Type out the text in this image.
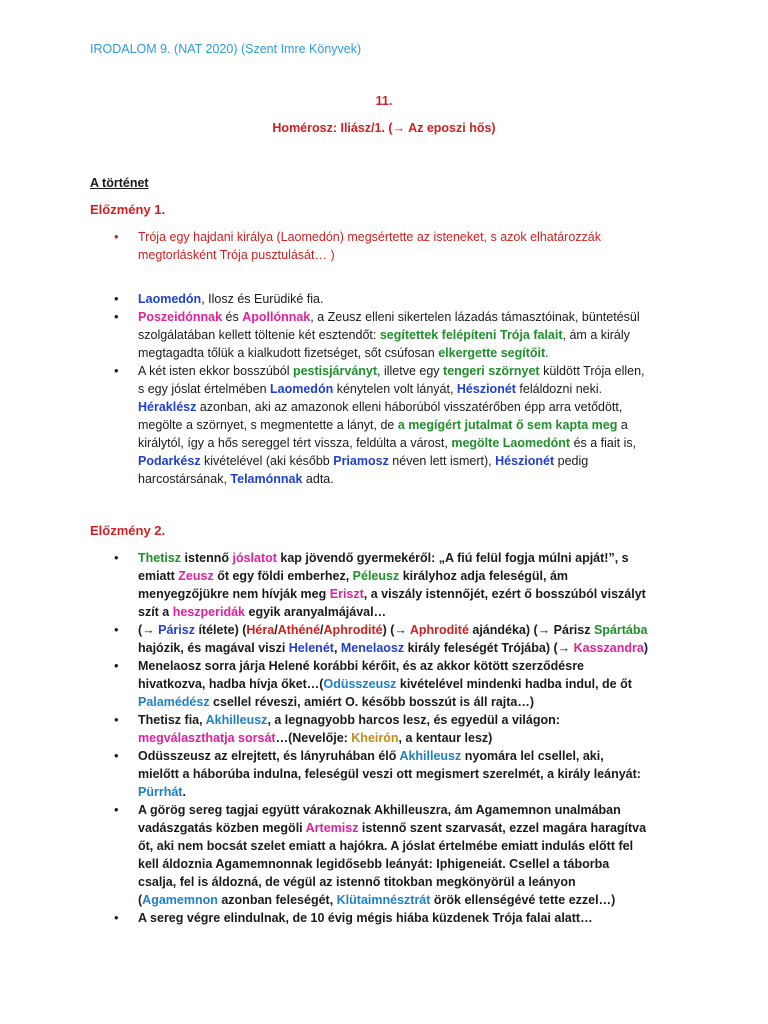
IRODALOM 9. (NAT 2020) (Szent Imre Könyvek)
11.
Homérosz: Iliász/1. (→ Az eposzi hős)
A történet
Előzmény 1.
• Trója egy hajdani királya (Laomedón) megsértette az isteneket, s azok elhatározzák megtorlásként Trója pusztulását… )
• Laomedón, Ilosz és Eurüdiké fia.
• Poszeidónnak és Apollónnak, a Zeusz elleni sikertelen lázadás támasztóinak, büntetésül szolgálatában kellett töltenie két esztendőt: segítettek felépíteni Trója falait, ám a király megtagadta tőlük a kialkudott fizetséget, sőt csúfosan elkergette segítőit.
• A két isten ekkor bosszúból pestisjárványt, illetve egy tengeri szörnyet küldött Trója ellen, s egy jóslat értelmében Laomedón kénytelen volt lányát, Hészionét feláldozni neki. Héraklész azonban, aki az amazonok elleni háborúból visszatérőben épp arra vetődött, megölte a szörnyet, s megmentette a lányt, de a megígért jutalmat ő sem kapta meg a királytól, így a hős sereggel tért vissza, feldúlta a várost, megölte Laomedónt és a fiait is, Podarkész kivételével (aki később Priamosz néven lett ismert), Hészionét pedig harcostársának, Telamónnak adta.
Előzmény 2.
• Thetisz istennő jóslatot kap jövendő gyermekéről: „A fiú felül fogja múlni apját!”, s emiatt Zeusz őt egy földi emberhez, Péleusz királyhoz adja feleségül, ám menyegzőjükre nem hívják meg Eriszt, a viszály istennőjét, ezért ő bosszúból viszályt szít a heszperidák egyik aranyalmájával…
• (→ Párisz ítélete) (Héra/Athéné/Aphrodité) (→ Aphrodité ajándéka) (→ Párisz Spártába hajózik, és magával viszi Helenét, Menelaosz király feleségét Trójába) (→ Kasszandra)
• Menelaosz sorra járja Helené korábbi kérőit, és az akkor kötött szerződésre hivatkozva, hadba hívja őket…(Odüsszeusz kivételével mindenki hadba indul, de őt Palamédész csellel réveszi, amiért O. később bosszút is áll rajta…)
• Thetisz fia, Akhilleusz, a legnagyobb harcos lesz, és egyedül a világon: megválaszthatja sorsát…(Nevelője: Kheirón, a kentaur lesz)
• Odüsszeusz az elrejtett, és lányruhában élő Akhilleusz nyomára lel csellel, aki, mielőtt a háborúba indulna, feleségül veszi ott megismert szerelmét, a király leányát: Pürrhát.
• A görög sereg tagjai együtt várakoznak Akhilleuszra, ám Agamemnon unalmában vadászgatás közben megöli Artemisz istennő szent szarvasát, ezzel magára haragítva őt, aki nem bocsát szelet emiatt a hajókra. A jóslat értelmébe emiatt indulás előtt fel kell áldoznia Agamemnonnak legidősebb leányát: Iphigeneiát. Csellel a táborba csalja, fel is áldozná, de végül az istennő titokban megkönyörül a leányon (Agamemnon azonban feleségét, Klütaimnésztrát örök ellenségévé tette ezzel…)
• A sereg végre elindulnak, de 10 évig mégis hiába küzdenek Trója falai alatt…
